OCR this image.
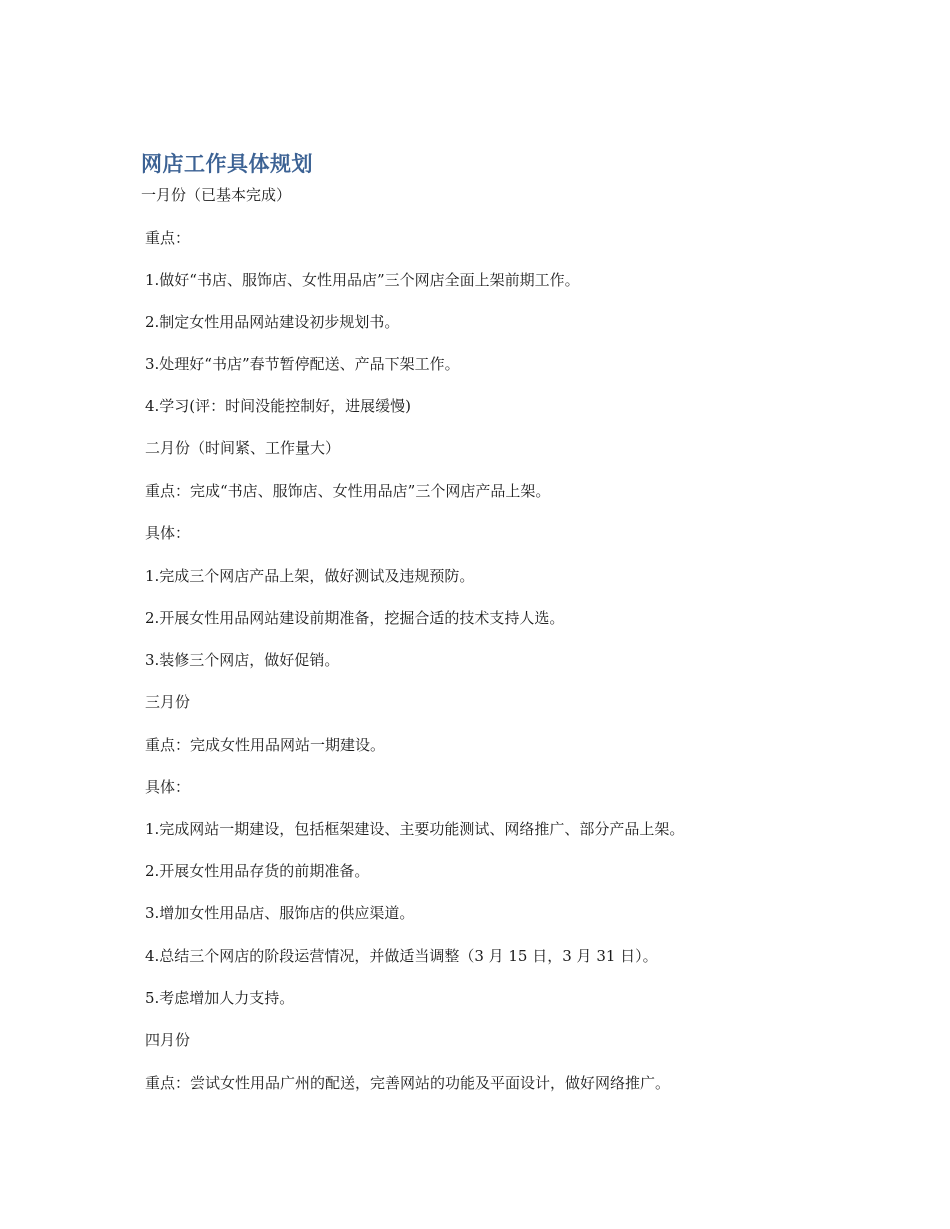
网店工作具体规划
一月份（已基本完成）
重点：
1.做好“书店、服饰店、女性用品店”三个网店全面上架前期工作。
2.制定女性用品网站建设初步规划书。
3.处理好“书店”春节暂停配送、产品下架工作。
4.学习(评：时间没能控制好，进展缓慢)
二月份（时间紧、工作量大）
重点：完成“书店、服饰店、女性用品店”三个网店产品上架。
具体：
1.完成三个网店产品上架，做好测试及违规预防。
2.开展女性用品网站建设前期准备，挖掘合适的技术支持人选。
3.装修三个网店，做好促销。
三月份
重点：完成女性用品网站一期建设。
具体：
1.完成网站一期建设，包括框架建设、主要功能测试、网络推广、部分产品上架。
2.开展女性用品存货的前期准备。
3.增加女性用品店、服饰店的供应渠道。
4.总结三个网店的阶段运营情况，并做适当调整（3 月 15 日，3 月 31 日）。
5.考虑增加人力支持。
四月份
重点：尝试女性用品广州的配送，完善网站的功能及平面设计，做好网络推广。
